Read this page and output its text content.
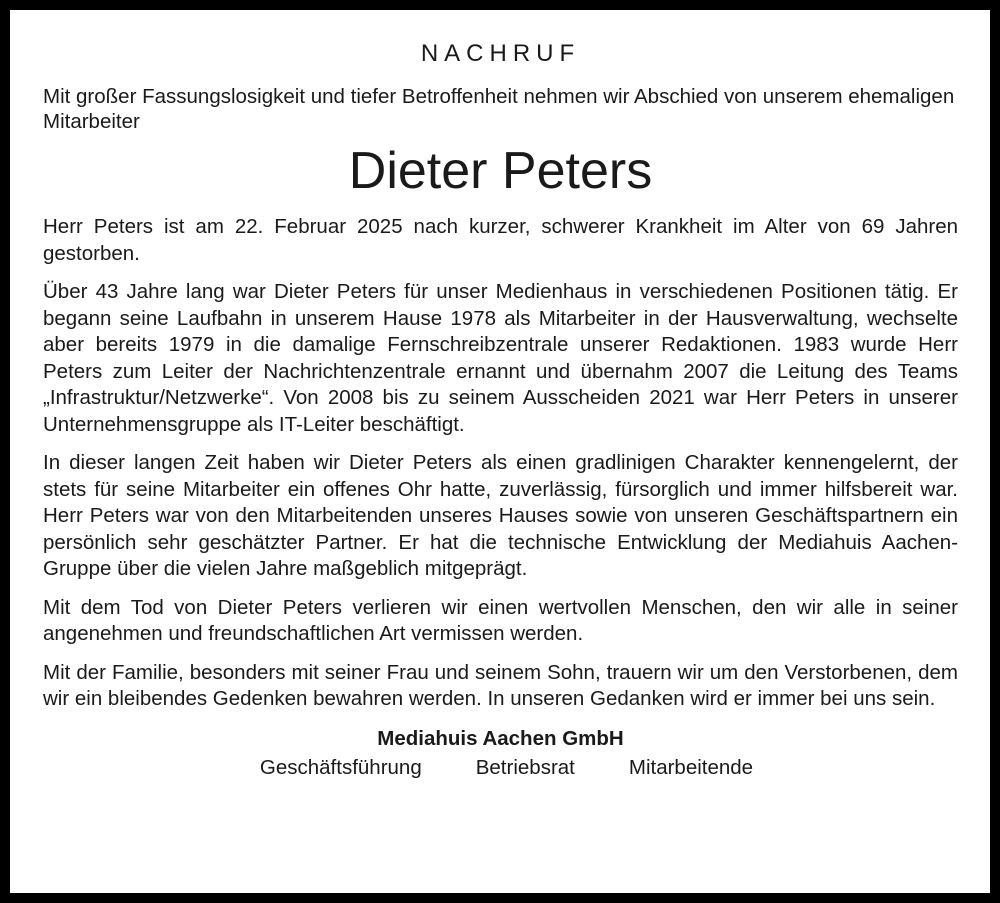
NACHRUF

Mit großer Fassungslosigkeit und tiefer Betroffenheit nehmen wir Abschied von unserem ehemaligen Mitarbeiter

Dieter Peters

Herr Peters ist am 22. Februar 2025 nach kurzer, schwerer Krankheit im Alter von 69 Jahren gestorben.

Über 43 Jahre lang war Dieter Peters für unser Medienhaus in verschiedenen Positionen tätig. Er begann seine Laufbahn in unserem Hause 1978 als Mitarbeiter in der Hausverwaltung, wechselte aber bereits 1979 in die damalige Fernschreibzentrale unserer Redaktionen. 1983 wurde Herr Peters zum Leiter der Nachrichtenzentrale ernannt und übernahm 2007 die Leitung des Teams „Infrastruktur/Netzwerke“. Von 2008 bis zu seinem Ausscheiden 2021 war Herr Peters in unserer Unternehmensgruppe als IT-Leiter beschäftigt.

In dieser langen Zeit haben wir Dieter Peters als einen gradlinigen Charakter kennengelernt, der stets für seine Mitarbeiter ein offenes Ohr hatte, zuverlässig, fürsorglich und immer hilfsbereit war. Herr Peters war von den Mitarbeitenden unseres Hauses sowie von unseren Geschäftspartnern ein persönlich sehr geschätzter Partner. Er hat die technische Entwicklung der Mediahuis Aachen-Gruppe über die vielen Jahre maßgeblich mitgeprägt.

Mit dem Tod von Dieter Peters verlieren wir einen wertvollen Menschen, den wir alle in seiner angenehmen und freundschaftlichen Art vermissen werden.

Mit der Familie, besonders mit seiner Frau und seinem Sohn, trauern wir um den Verstorbenen, dem wir ein bleibendes Gedenken bewahren werden. In unseren Gedanken wird er immer bei uns sein.

Mediahuis Aachen GmbH
Geschäftsführung	Betriebsrat	Mitarbeitende
